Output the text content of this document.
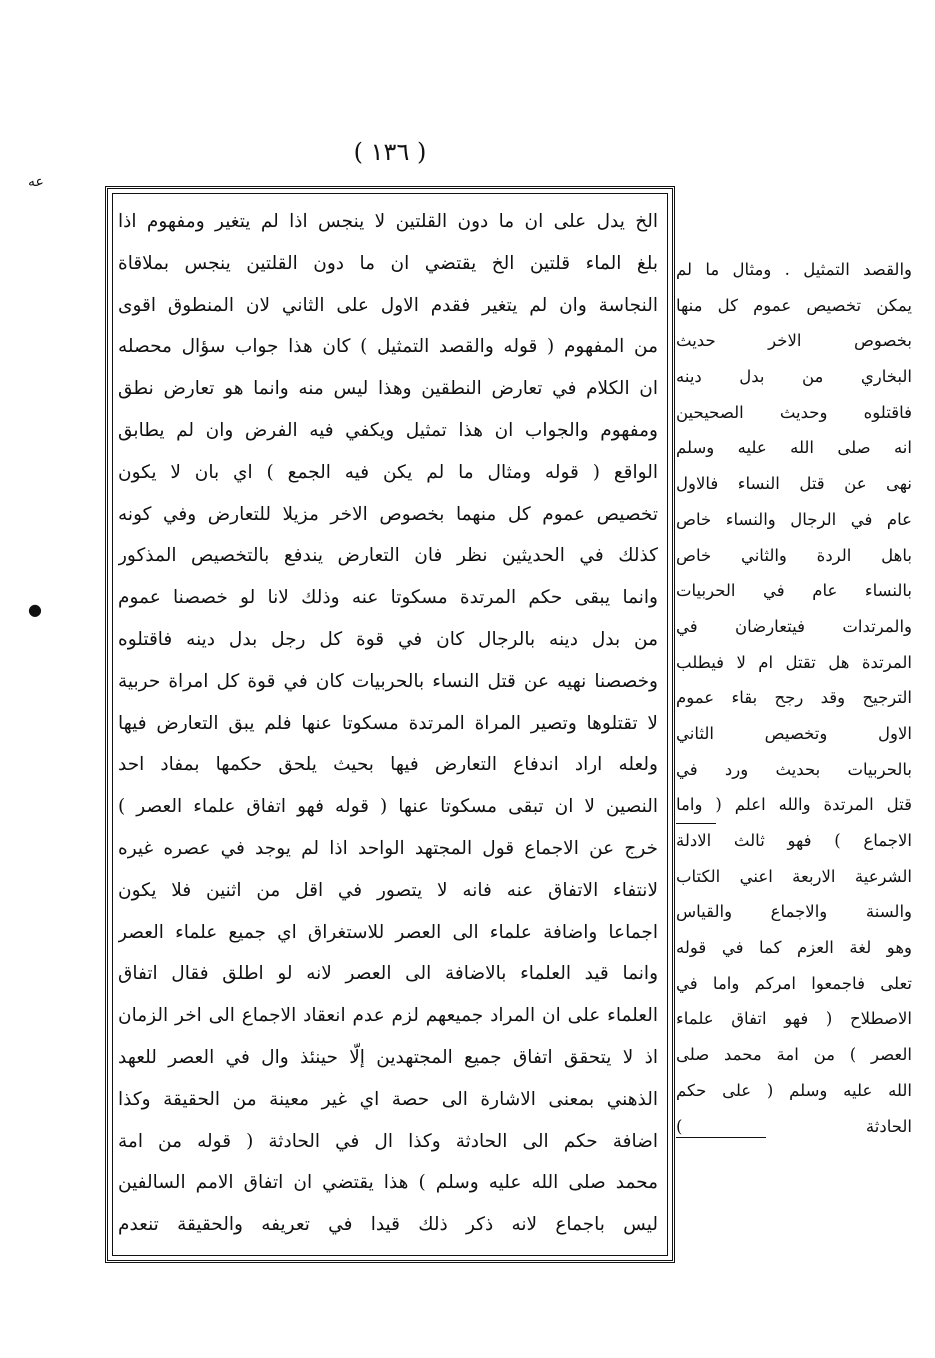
( ١٣٦ )
ﻋﻪ
●
الخ يدل على ان ما دون القلتين لا ينجس اذا لم يتغير ومفهوم اذا
بلغ الماء قلتين الخ يقتضي ان ما دون القلتين ينجس بملاقاة
النجاسة وان لم يتغير فقدم الاول على الثاني لان المنطوق اقوى
من المفهوم ( قوله والقصد التمثيل ) كان هذا جواب سؤال محصله
ان الكلام في تعارض النطقين وهذا ليس منه وانما هو تعارض نطق
ومفهوم والجواب ان هذا تمثيل ويكفي فيه الفرض وان لم يطابق
الواقع ( قوله ومثال ما لم يكن فيه الجمع ) اي بان لا يكون
تخصيص عموم كل منهما بخصوص الاخر مزيلا للتعارض وفي كونه
كذلك في الحديثين نظر فان التعارض يندفع بالتخصيص المذكور
وانما يبقى حكم المرتدة مسكوتا عنه وذلك لانا لو خصصنا عموم
من بدل دينه بالرجال كان في قوة كل رجل بدل دينه فاقتلوه
وخصصنا نهيه عن قتل النساء بالحربيات كان في قوة كل امراة حربية
لا تقتلوها وتصير المراة المرتدة مسكوتا عنها فلم يبق التعارض فيها
ولعله اراد اندفاع التعارض فيها بحيث يلحق حكمها بمفاد احد
النصين لا ان تبقى مسكوتا عنها ( قوله فهو اتفاق علماء العصر )
خرج عن الاجماع قول المجتهد الواحد اذا لم يوجد في عصره غيره
لانتفاء الاتفاق عنه فانه لا يتصور في اقل من اثنين فلا يكون
اجماعا واضافة علماء الى العصر للاستغراق اي جميع علماء العصر
وانما قيد العلماء بالاضافة الى العصر لانه لو اطلق فقال اتفاق
العلماء على ان المراد جميعهم لزم عدم انعقاد الاجماع الى اخر الزمان
اذ لا يتحقق اتفاق جميع المجتهدين إلّا حينئذ وال في العصر للعهد
الذهني بمعنى الاشارة الى حصة اي غير معينة من الحقيقة وكذا
اضافة حكم الى الحادثة وكذا ال في الحادثة ( قوله من امة
محمد صلى الله عليه وسلم ) هذا يقتضي ان اتفاق الامم السالفين
ليس باجماع لانه ذكر ذلك قيدا في تعريفه والحقيقة تنعدم
والقصد التمثيل . ومثال ما لم
يمكن تخصيص عموم كل منها
بخصوص الاخر حديث
البخاري من بدل دينه
فاقتلوه وحديث الصحيحين
انه صلى الله عليه وسلم
نهى عن قتل النساء فالاول
عام في الرجال والنساء خاص
باهل الردة والثاني خاص
بالنساء عام في الحربيات
والمرتدات فيتعارضان في
المرتدة هل تقتل ام لا فيطلب
الترجيح وقد رجح بقاء عموم
الاول وتخصيص الثاني
بالحربيات بحديث ورد في
قتل المرتدة والله اعلم ( واما
الاجماع ) فهو ثالث الادلة
الشرعية الاربعة اعني الكتاب
والسنة والاجماع والقياس
وهو لغة العزم كما في قوله
تعلى فاجمعوا امركم واما في
الاصطلاح ( فهو اتفاق علماء
العصر ) من امة محمد صلى
الله عليه وسلم ( على حكم
الحادثة )
